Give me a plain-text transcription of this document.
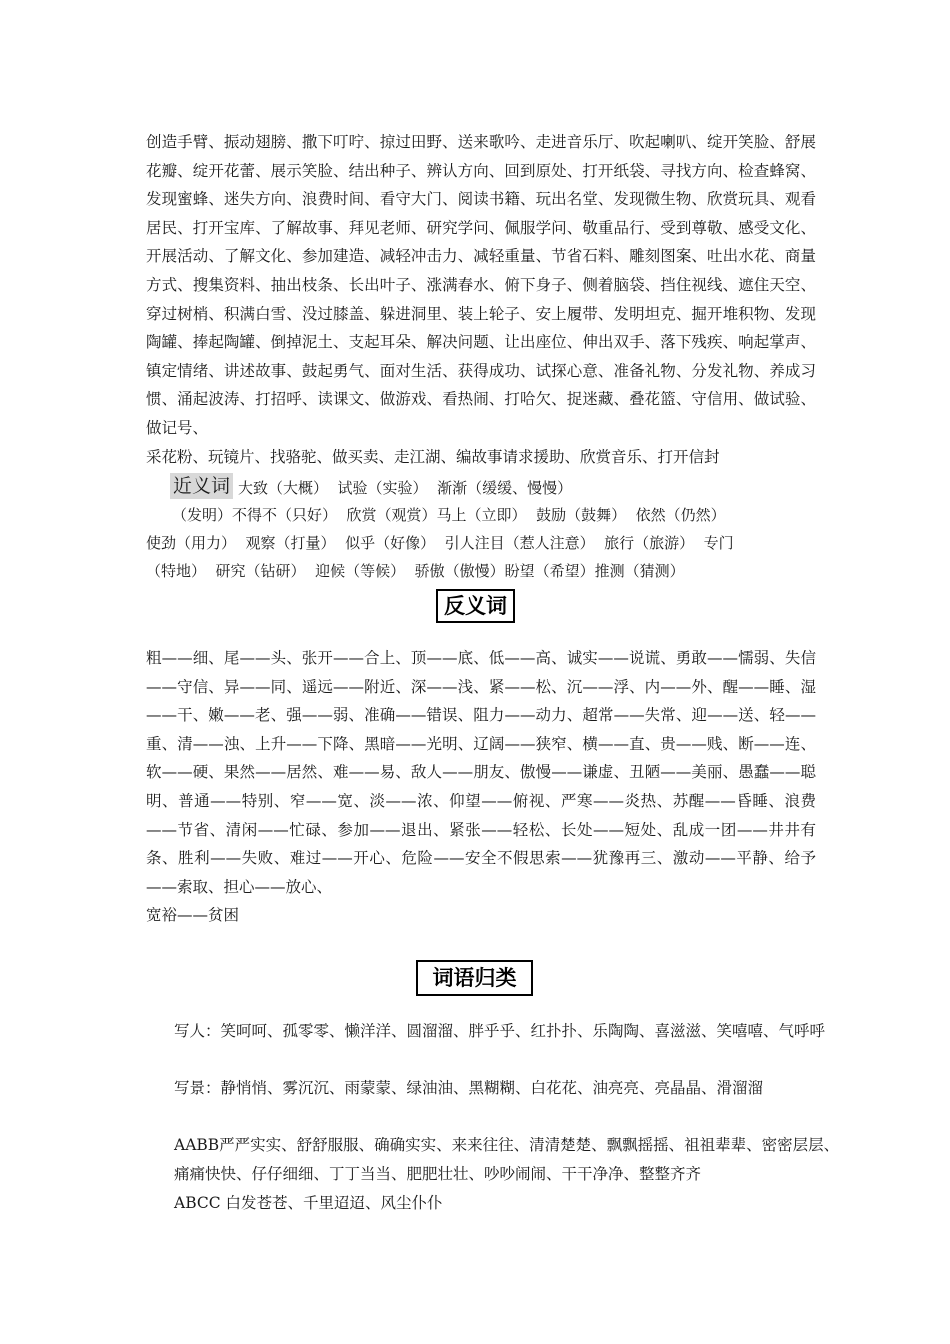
创造手臂、振动翅膀、撒下叮咛、掠过田野、送来歌吟、走进音乐厅、吹起喇叭、绽开笑脸、舒展花瓣、绽开花蕾、展示笑脸、结出种子、辨认方向、回到原处、打开纸袋、寻找方向、检查蜂窝、发现蜜蜂、迷失方向、浪费时间、看守大门、阅读书籍、玩出名堂、发现微生物、欣赏玩具、观看居民、打开宝库、了解故事、拜见老师、研究学问、佩服学问、敬重品行、受到尊敬、感受文化、开展活动、了解文化、参加建造、减轻冲击力、减轻重量、节省石料、雕刻图案、吐出水花、商量方式、搜集资料、抽出枝条、长出叶子、涨满春水、俯下身子、侧着脑袋、挡住视线、遮住天空、穿过树梢、积满白雪、没过膝盖、躲进洞里、装上轮子、安上履带、发明坦克、掘开堆积物、发现陶罐、捧起陶罐、倒掉泥土、支起耳朵、解决问题、让出座位、伸出双手、落下残疾、响起掌声、镇定情绪、讲述故事、鼓起勇气、面对生活、获得成功、试探心意、准备礼物、分发礼物、养成习惯、涌起波涛、打招呼、读课文、做游戏、看热闹、打哈欠、捉迷藏、叠花篮、守信用、做试验、做记号、
采花粉、玩镜片、找骆驼、做买卖、走江湖、编故事请求援助、欣赏音乐、打开信封

近义词 大致（大概）  试验（实验）  渐渐（缓缓、慢慢）

（发明）不得不（只好）  欣赏（观赏）马上（立即）  鼓励（鼓舞）  依然（仍然）

使劲（用力）  观察（打量）  似乎（好像）  引人注目（惹人注意）  旅行（旅游）  专门

（特地）  研究（钻研）  迎候（等候）  骄傲（傲慢）盼望（希望）推测（猜测）

反义词

粗——细、尾——头、张开——合上、顶——底、低——高、诚实——说谎、勇敢——懦弱、失信——守信、异——同、遥远——附近、深——浅、紧——松、沉——浮、内——外、醒——睡、湿——干、嫩——老、强——弱、准确——错误、阻力——动力、超常——失常、迎——送、轻——重、清——浊、上升——下降、黑暗——光明、辽阔——狭窄、横——直、贵——贱、断——连、软——硬、果然——居然、难——易、敌人——朋友、傲慢——谦虚、丑陋——美丽、愚蠢——聪明、普通——特别、窄——宽、淡——浓、仰望——俯视、严寒——炎热、苏醒——昏睡、浪费——节省、清闲——忙碌、参加——退出、紧张——轻松、长处——短处、乱成一团——井井有条、胜利——失败、难过——开心、危险——安全不假思索——犹豫再三、激动——平静、给予——索取、担心——放心、
宽裕——贫困

词语归类

写人：笑呵呵、孤零零、懒洋洋、圆溜溜、胖乎乎、红扑扑、乐陶陶、喜滋滋、笑嘻嘻、气呼呼

写景：静悄悄、雾沉沉、雨蒙蒙、绿油油、黑糊糊、白花花、油亮亮、亮晶晶、滑溜溜

AABB严严实实、舒舒服服、确确实实、来来往往、清清楚楚、飘飘摇摇、祖祖辈辈、密密层层、痛痛快快、仔仔细细、丁丁当当、肥肥壮壮、吵吵闹闹、干干净净、整整齐齐

ABCC 白发苍苍、千里迢迢、风尘仆仆
